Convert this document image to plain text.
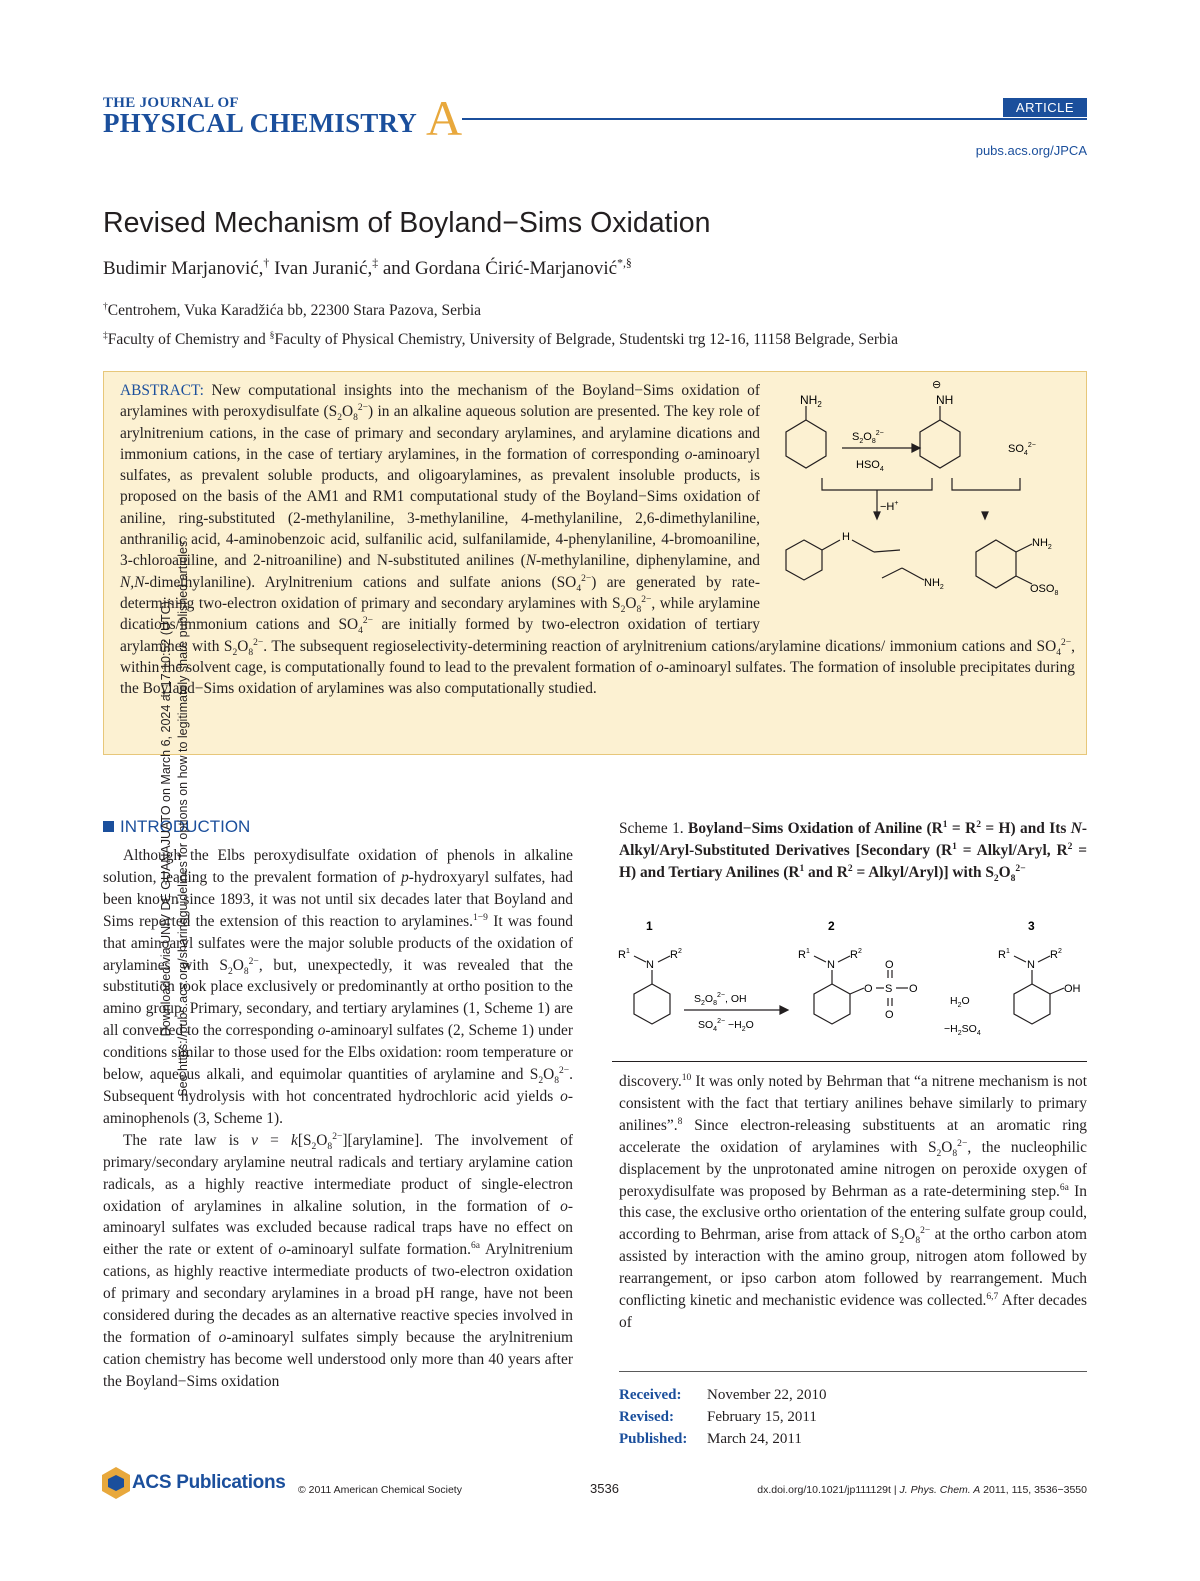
THE JOURNAL OF
PHYSICAL CHEMISTRY A	ARTICLE
pubs.acs.org/JPCA
Revised Mechanism of Boyland−Sims Oxidation
Budimir Marjanović,† Ivan Juranić,‡ and Gordana Ćirić-Marjanović*,§
†Centrohem, Vuka Karadžića bb, 22300 Stara Pazova, Serbia
‡Faculty of Chemistry and §Faculty of Physical Chemistry, University of Belgrade, Studentski trg 12-16, 11158 Belgrade, Serbia
ABSTRACT: New computational insights into the mechanism of the Boyland−Sims oxidation of arylamines with peroxydisulfate $(S_2O_8^{2-})$ in an alkaline aqueous solution are presented. The key role of arylnitrenium cations, in the case of primary and secondary arylamines, and arylamine dications and immonium cations, in the case of tertiary arylamines, in the formation of corresponding o-aminoaryl sulfates, as prevalent soluble products, and oligoarylamines, as prevalent insoluble products, is proposed on the basis of the AM1 and RM1 computational study of the Boyland−Sims oxidation of aniline, ring-substituted (2-methylaniline, 3-methylaniline, 4-methylaniline, 2,6-dimethylaniline, anthranilic acid, 4-aminobenzoic acid, sulfanilic acid, sulfanilamide, 4-phenylaniline, 4-bromoaniline, 3-chloroaniline, and 2-nitroaniline) and N-substituted anilines (N-methylaniline, diphenylamine, and N,N-dimethylaniline). Arylnitrenium cations and sulfate anions $(SO_4^{2-})$ are generated by rate-determining two-electron oxidation of primary and secondary arylamines with $S_2O_8^{2-}$, while arylamine dications/immonium cations and $SO_4^{2-}$ are initially formed by two-electron oxidation of tertiary arylamines with $S_2O_8^{2-}$. The subsequent regioselectivity-determining reaction of arylnitrenium cations/arylamine dications/ immonium cations and $SO_4^{2-}$, within the solvent cage, is computationally found to lead to the prevalent formation of o-aminoaryl sulfates. The formation of insoluble precipitates during the Boyland−Sims oxidation of arylamines was also computationally studied.
$NH_2$	NH
⊖
$S_2O_8^{2-}$
$HSO_4$
$SO_4^{2-}$
−H+
H
$NH_2$
$NH_2$
$OSO_8$
INTRODUCTION

Although the Elbs peroxydisulfate oxidation of phenols in alkaline solution, leading to the prevalent formation of p-hydroxyaryl sulfates, had been known since 1893, it was not until six decades later that Boyland and Sims reported the extension of this reaction to arylamines.$^{1-9}$ It was found that aminoaryl sulfates were the major soluble products of the oxidation of arylamines with $S_2O_8^{2-}$, but, unexpectedly, it was revealed that the substitution took place exclusively or predominantly at ortho position to the amino group. Primary, secondary, and tertiary arylamines (1, Scheme 1) are all converted to the corresponding o-aminoaryl sulfates (2, Scheme 1) under conditions similar to those used for the Elbs oxidation: room temperature or below, aqueous alkali, and equimolar quantities of arylamine and $S_2O_8^{2-}$. Subsequent hydrolysis with hot concentrated hydrochloric acid yields o-aminophenols (3, Scheme 1).

The rate law is $v = k[S_2O_8^{2-}][arylamine]$. The involvement of primary/secondary arylamine neutral radicals and tertiary arylamine cation radicals, as a highly reactive intermediate product of single-electron oxidation of arylamines in alkaline solution, in the formation of o-aminoaryl sulfates was excluded because radical traps have no effect on either the rate or extent of o-aminoaryl sulfate formation.$^{6a}$ Arylnitrenium cations, as highly reactive intermediate products of two-electron oxidation of primary and secondary arylamines in a broad pH range, have not been considered during the decades as an alternative reactive species involved in the formation of o-aminoaryl sulfates simply because the arylnitrenium cation chemistry has become well understood only more than 40 years after the Boyland−Sims oxidation

Scheme 1. Boyland−Sims Oxidation of Aniline $(R^1 = R^2 = H)$ and Its N-Alkyl/Aryl-Substituted Derivatives [Secondary ($R^1$ = Alkyl/Aryl, $R^2 = H$) and Tertiary Anilines ($R^1$ and $R^2$ = Alkyl/Aryl)] with $S_2O_8^{2-}$
1	2	3
N
$R^1$	$R^2$	$R^1$
N
$R^2$	$R^1$
N
$R^2$
O S
O
O
O	OH
$S_2O_8^{2-}$, OH
$SO_4^{2-} -H_2O$
$H_2O$
$-H_2SO_4$

discovery.$^{10}$ It was only noted by Behrman that “a nitrene mechanism is not consistent with the fact that tertiary anilines behave similarly to primary anilines”.$^8$ Since electron-releasing substituents at an aromatic ring accelerate the oxidation of arylamines with $S_2O_8^{2-}$, the nucleophilic displacement by the unprotonated amine nitrogen on peroxide oxygen of peroxydisulfate was proposed by Behrman as a rate-determining step.$^{6a}$ In this case, the exclusive ortho orientation of the entering sulfate group could, according to Behrman, arise from attack of $S_2O_8^{2-}$ at the ortho carbon atom assisted by interaction with the amino group, nitrogen atom followed by rearrangement, or ipso carbon atom followed by rearrangement. Much conflicting kinetic and mechanistic evidence was collected.$^{6,7}$ After decades of

Received:	November 22, 2010
Revised:	February 15, 2011
Published:	March 24, 2011
ACS Publications © 2011 American Chemical Society	3536	dx.doi.org/10.1021/jp111129t | J. Phys. Chem. A 2011, 115, 3536−3550
Downloaded via UNIV DE GUANAJUATO on March 6, 2024 at 17:10:52 (UTC). See https://pubs.acs.org/sharingguidelines for options on how to legitimately share published articles.
